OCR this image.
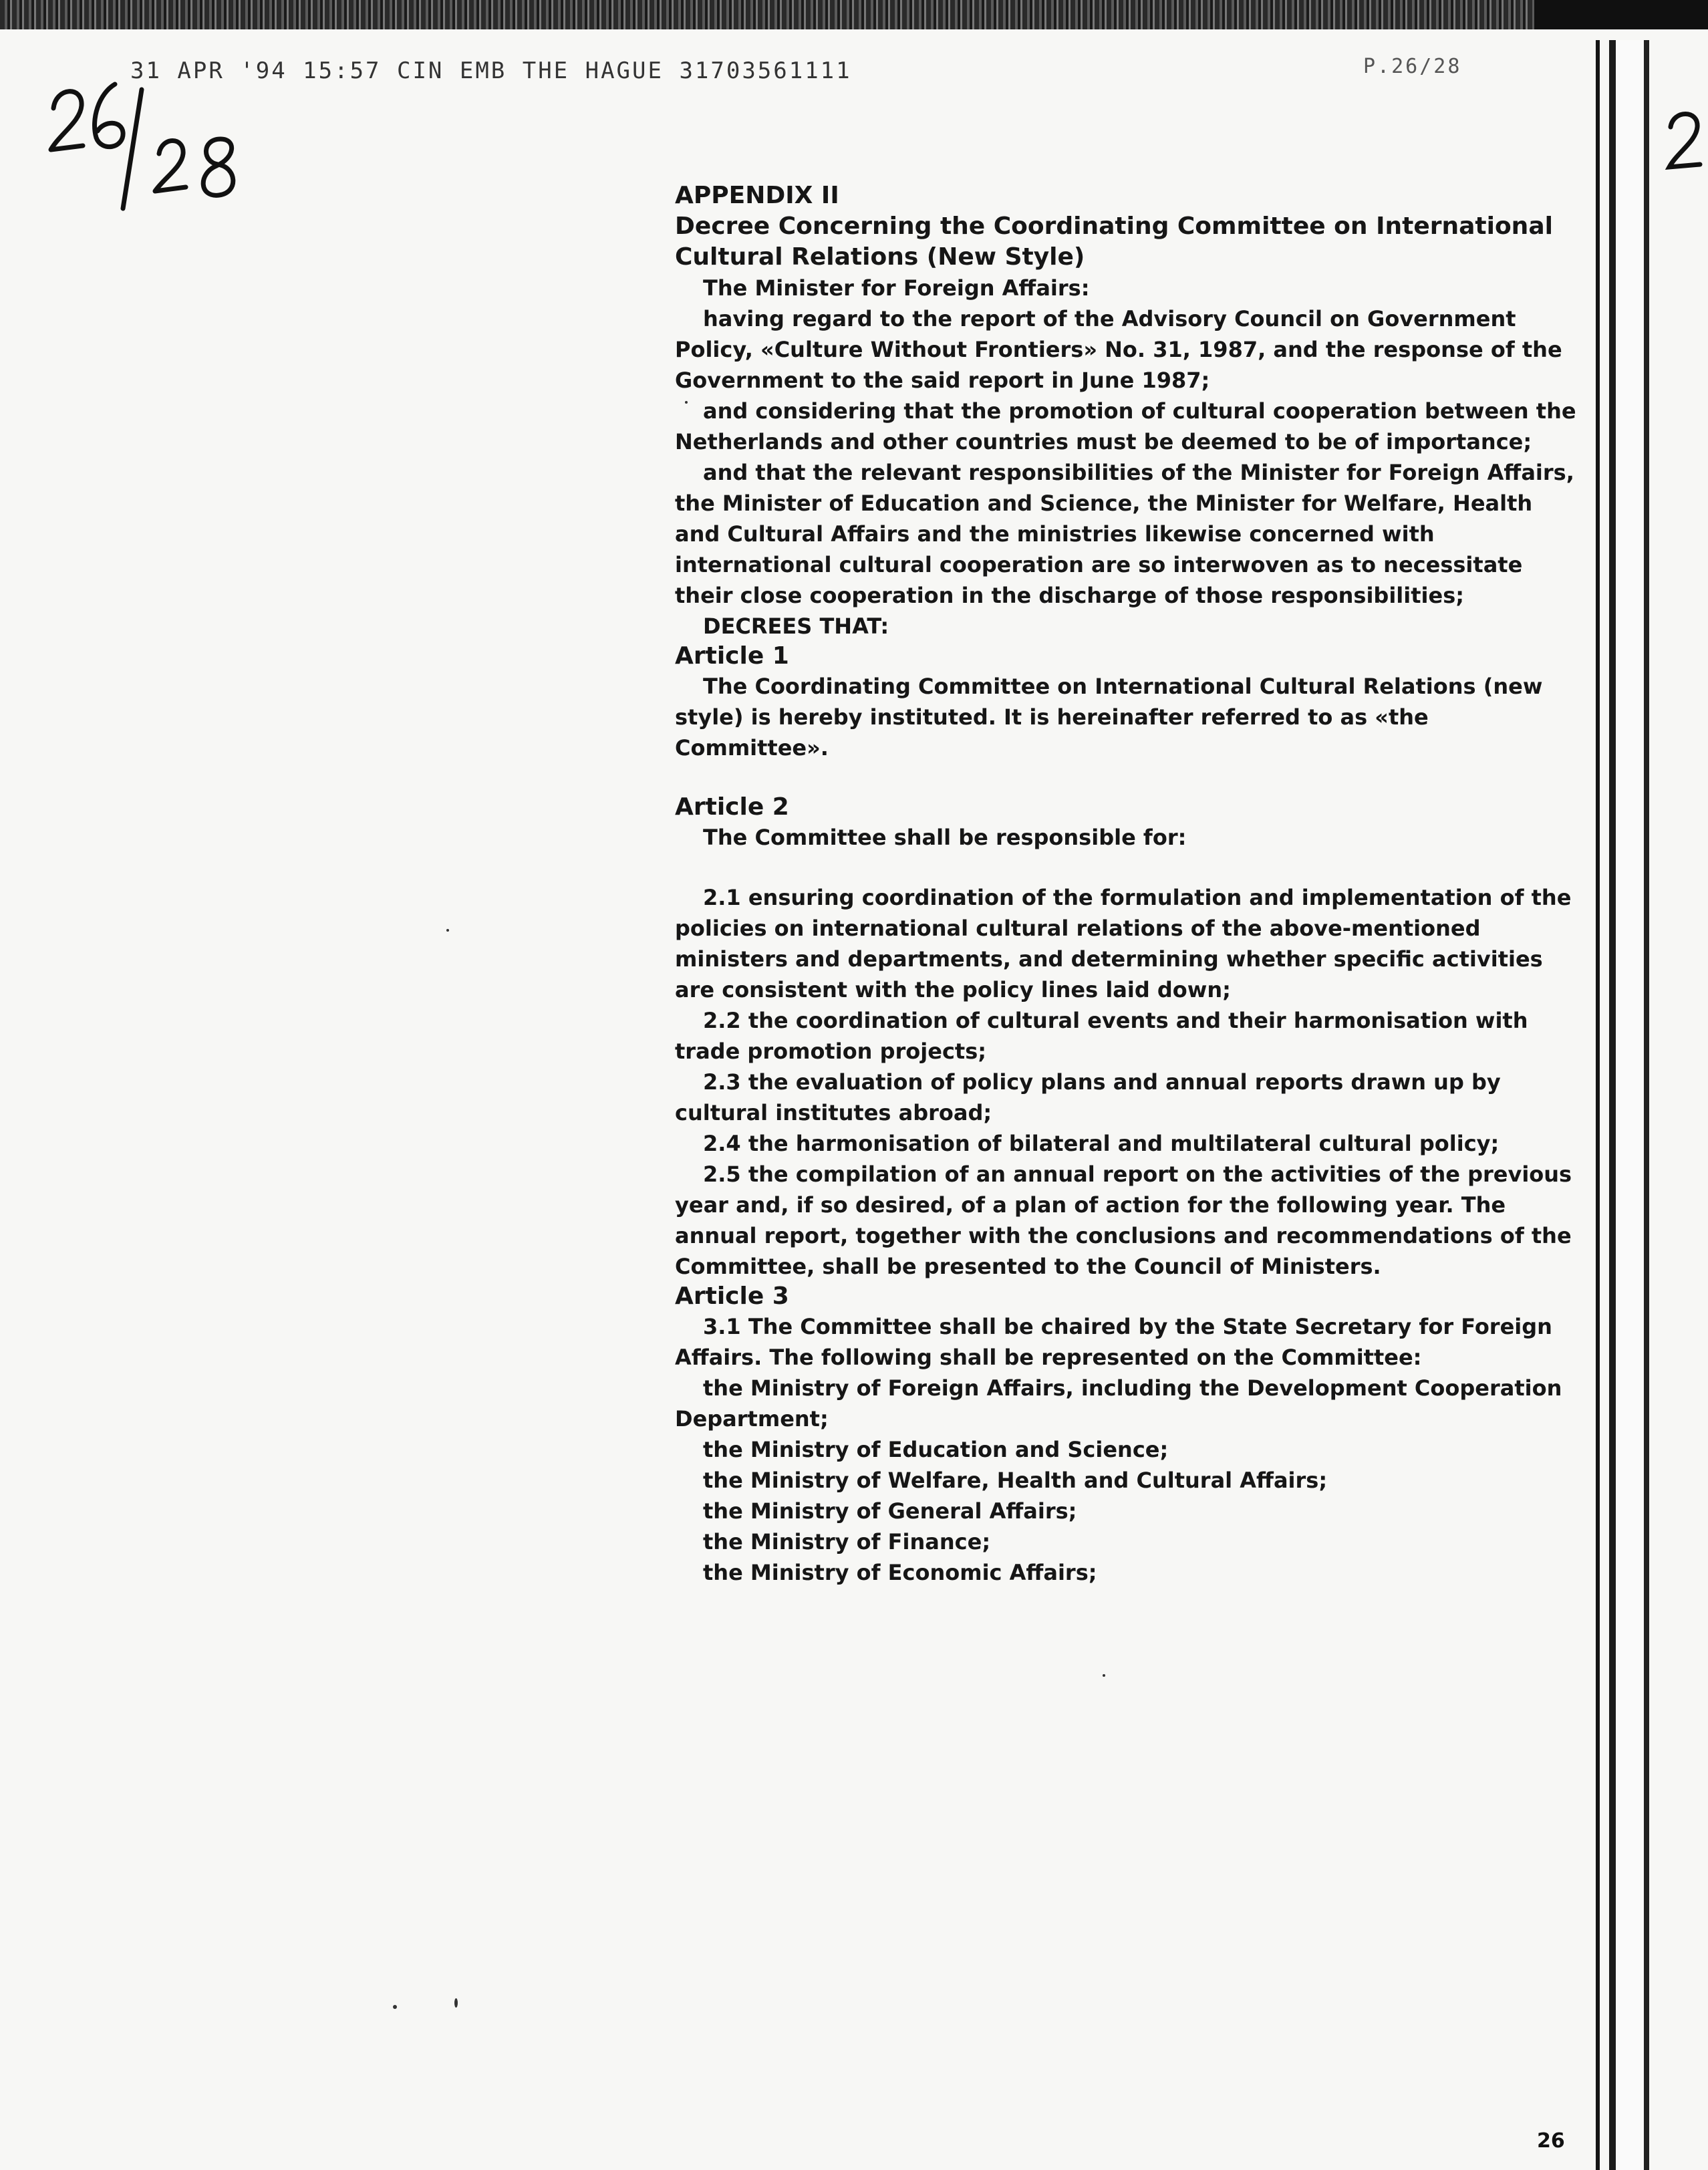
31 APR '94 15:57 CIN EMB THE HAGUE 31703561111	P.26/28

APPENDIX II

Decree Concerning the Coordinating Committee on International Cultural Relations (New Style)

The Minister for Foreign Affairs:

having regard to the report of the Advisory Council on Government Policy, «Culture Without Frontiers» No. 31, 1987, and the response of the Government to the said report in June 1987;

and considering that the promotion of cultural cooperation between the Netherlands and other countries must be deemed to be of importance;

and that the relevant responsibilities of the Minister for Foreign Affairs, the Minister of Education and Science, the Minister for Welfare, Health and Cultural Affairs and the ministries likewise concerned with international cultural cooperation are so interwoven as to necessitate their close cooperation in the discharge of those responsibilities;

DECREES THAT:

Article 1

The Coordinating Committee on International Cultural Relations (new style) is hereby instituted. It is hereinafter referred to as «the Committee».

Article 2

The Committee shall be responsible for:

2.1 ensuring coordination of the formulation and implementation of the policies on international cultural relations of the above-mentioned ministers and departments, and determining whether specific activities are consistent with the policy lines laid down;

2.2 the coordination of cultural events and their harmonisation with trade promotion projects;

2.3 the evaluation of policy plans and annual reports drawn up by cultural institutes abroad;

2.4 the harmonisation of bilateral and multilateral cultural policy;

2.5 the compilation of an annual report on the activities of the previous year and, if so desired, of a plan of action for the following year. The annual report, together with the conclusions and recommendations of the Committee, shall be presented to the Council of Ministers.

Article 3

3.1 The Committee shall be chaired by the State Secretary for Foreign Affairs. The following shall be represented on the Committee:

the Ministry of Foreign Affairs, including the Development Cooperation Department;

the Ministry of Education and Science;

the Ministry of Welfare, Health and Cultural Affairs;

the Ministry of General Affairs;

the Ministry of Finance;

the Ministry of Economic Affairs;

26
